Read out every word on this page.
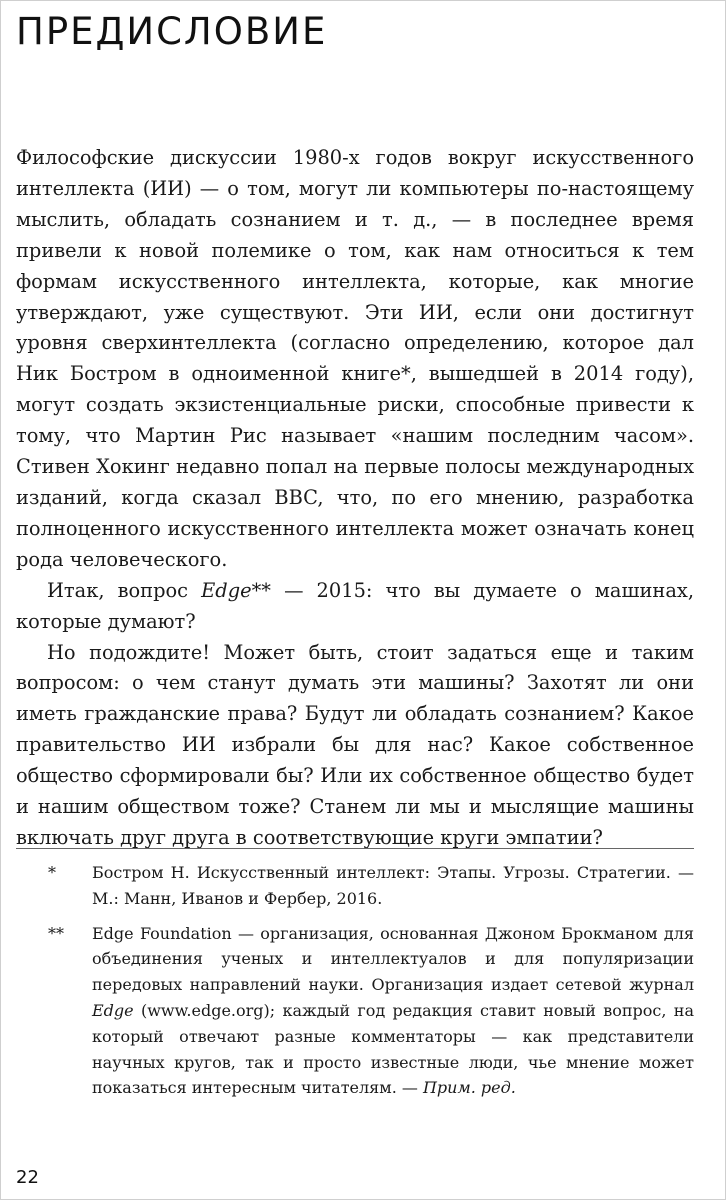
ПРЕДИСЛОВИЕ

Философские дискуссии 1980-х годов вокруг искусственного интеллекта (ИИ) — о том, могут ли компьютеры по-настоящему мыслить, обладать сознанием и т. д., — в последнее время привели к новой полемике о том, как нам относиться к тем формам искусственного интеллекта, которые, как многие утверждают, уже существуют. Эти ИИ, если они достигнут уровня сверхинтеллекта (согласно определению, которое дал Ник Бостром в одноименной книге*, вышедшей в 2014 году), могут создать экзистенциальные риски, способные привести к тому, что Мартин Рис называет «нашим последним часом». Стивен Хокинг недавно попал на первые полосы международных изданий, когда сказал BBC, что, по его мнению, разработка полноценного искусственного интеллекта может означать конец рода человеческого.

Итак, вопрос Edge** — 2015: что вы думаете о машинах, которые думают?

Но подождите! Может быть, стоит задаться еще и таким вопросом: о чем станут думать эти машины? Захотят ли они иметь гражданские права? Будут ли обладать сознанием? Какое правительство ИИ избрали бы для нас? Какое собственное общество сформировали бы? Или их собственное общество будет и нашим обществом тоже? Станем ли мы и мыслящие машины включать друг друга в соответствующие круги эмпатии?

* Бостром Н. Искусственный интеллект: Этапы. Угрозы. Стратегии. — М.: Манн, Иванов и Фербер, 2016.
** Edge Foundation — организация, основанная Джоном Брокманом для объединения ученых и интеллектуалов и для популяризации передовых направлений науки. Организация издает сетевой журнал Edge (www.edge.org); каждый год редакция ставит новый вопрос, на который отвечают разные комментаторы — как представители научных кругов, так и просто известные люди, чье мнение может показаться интересным читателям. — Прим. ред.
22
